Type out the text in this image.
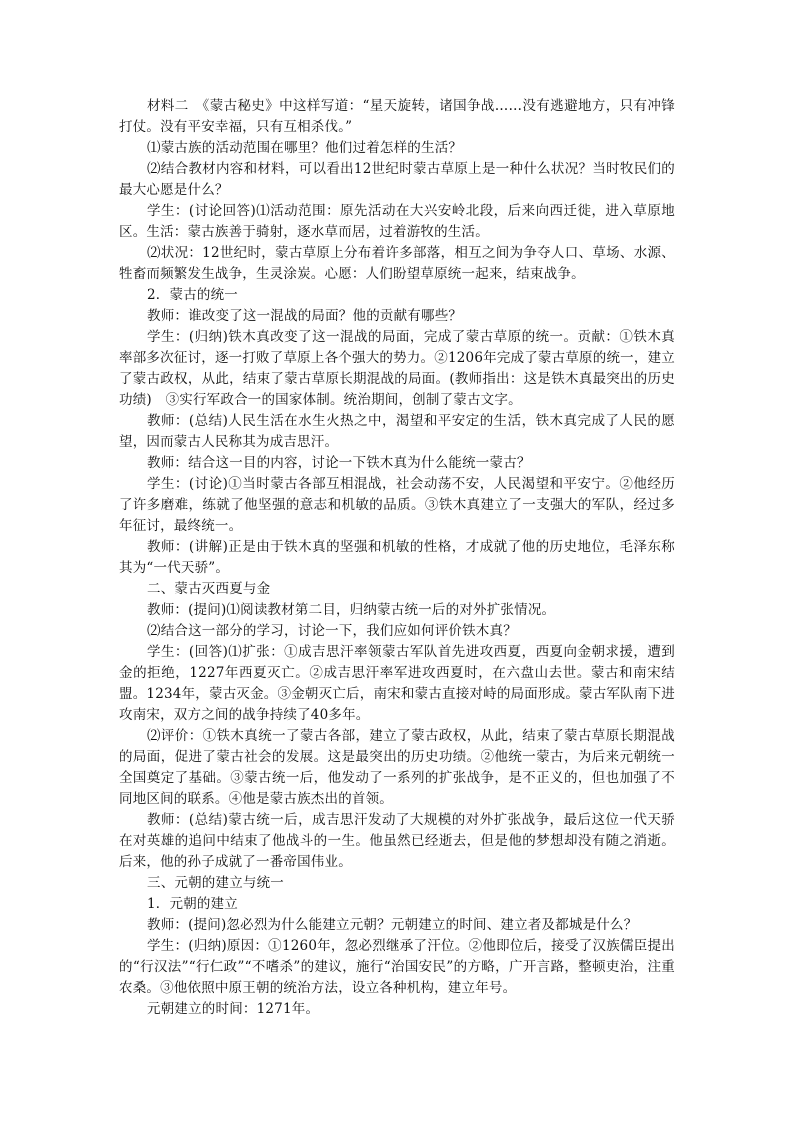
材料二　《蒙古秘史》中这样写道：“星天旋转，诸国争战……没有逃避地方，只有冲锋打仗。没有平安幸福，只有互相杀伐。”

⑴蒙古族的活动范围在哪里？他们过着怎样的生活？

⑵结合教材内容和材料，可以看出12世纪时蒙古草原上是一种什么状况？当时牧民们的最大心愿是什么？

学生：(讨论回答)⑴活动范围：原先活动在大兴安岭北段，后来向西迁徙，进入草原地区。生活：蒙古族善于骑射，逐水草而居，过着游牧的生活。

⑵状况：12世纪时，蒙古草原上分布着许多部落，相互之间为争夺人口、草场、水源、牲畜而频繁发生战争，生灵涂炭。心愿：人们盼望草原统一起来，结束战争。

2．蒙古的统一

教师：谁改变了这一混战的局面？他的贡献有哪些？

学生：(归纳)铁木真改变了这一混战的局面，完成了蒙古草原的统一。贡献：①铁木真率部多次征讨，逐一打败了草原上各个强大的势力。②1206年完成了蒙古草原的统一，建立了蒙古政权，从此，结束了蒙古草原长期混战的局面。(教师指出：这是铁木真最突出的历史功绩)　③实行军政合一的国家体制。统治期间，创制了蒙古文字。

教师：(总结)人民生活在水生火热之中，渴望和平安定的生活，铁木真完成了人民的愿望，因而蒙古人民称其为成吉思汗。

教师：结合这一目的内容，讨论一下铁木真为什么能统一蒙古？

学生：(讨论)①当时蒙古各部互相混战，社会动荡不安，人民渴望和平安宁。②他经历了许多磨难，练就了他坚强的意志和机敏的品质。③铁木真建立了一支强大的军队，经过多年征讨，最终统一。

教师：(讲解)正是由于铁木真的坚强和机敏的性格，才成就了他的历史地位，毛泽东称其为“一代天骄”。

二、蒙古灭西夏与金

教师：(提问)⑴阅读教材第二目，归纳蒙古统一后的对外扩张情况。

⑵结合这一部分的学习，讨论一下，我们应如何评价铁木真？

学生：(回答)⑴扩张：①成吉思汗率领蒙古军队首先进攻西夏，西夏向金朝求援，遭到金的拒绝，1227年西夏灭亡。②成吉思汗率军进攻西夏时，在六盘山去世。蒙古和南宋结盟。1234年，蒙古灭金。③金朝灭亡后，南宋和蒙古直接对峙的局面形成。蒙古军队南下进攻南宋，双方之间的战争持续了40多年。

⑵评价：①铁木真统一了蒙古各部，建立了蒙古政权，从此，结束了蒙古草原长期混战的局面，促进了蒙古社会的发展。这是最突出的历史功绩。②他统一蒙古，为后来元朝统一全国奠定了基础。③蒙古统一后，他发动了一系列的扩张战争，是不正义的，但也加强了不同地区间的联系。④他是蒙古族杰出的首领。

教师：(总结)蒙古统一后，成吉思汗发动了大规模的对外扩张战争，最后这位一代天骄在对英雄的追问中结束了他战斗的一生。他虽然已经逝去，但是他的梦想却没有随之消逝。后来，他的孙子成就了一番帝国伟业。

三、元朝的建立与统一

1．元朝的建立

教师：(提问)忽必烈为什么能建立元朝？元朝建立的时间、建立者及都城是什么？

学生：(归纳)原因：①1260年，忽必烈继承了汗位。②他即位后，接受了汉族儒臣提出的“行汉法”“行仁政”“不嗜杀”的建议，施行“治国安民”的方略，广开言路，整顿吏治，注重农桑。③他依照中原王朝的统治方法，设立各种机构，建立年号。

元朝建立的时间：1271年。
